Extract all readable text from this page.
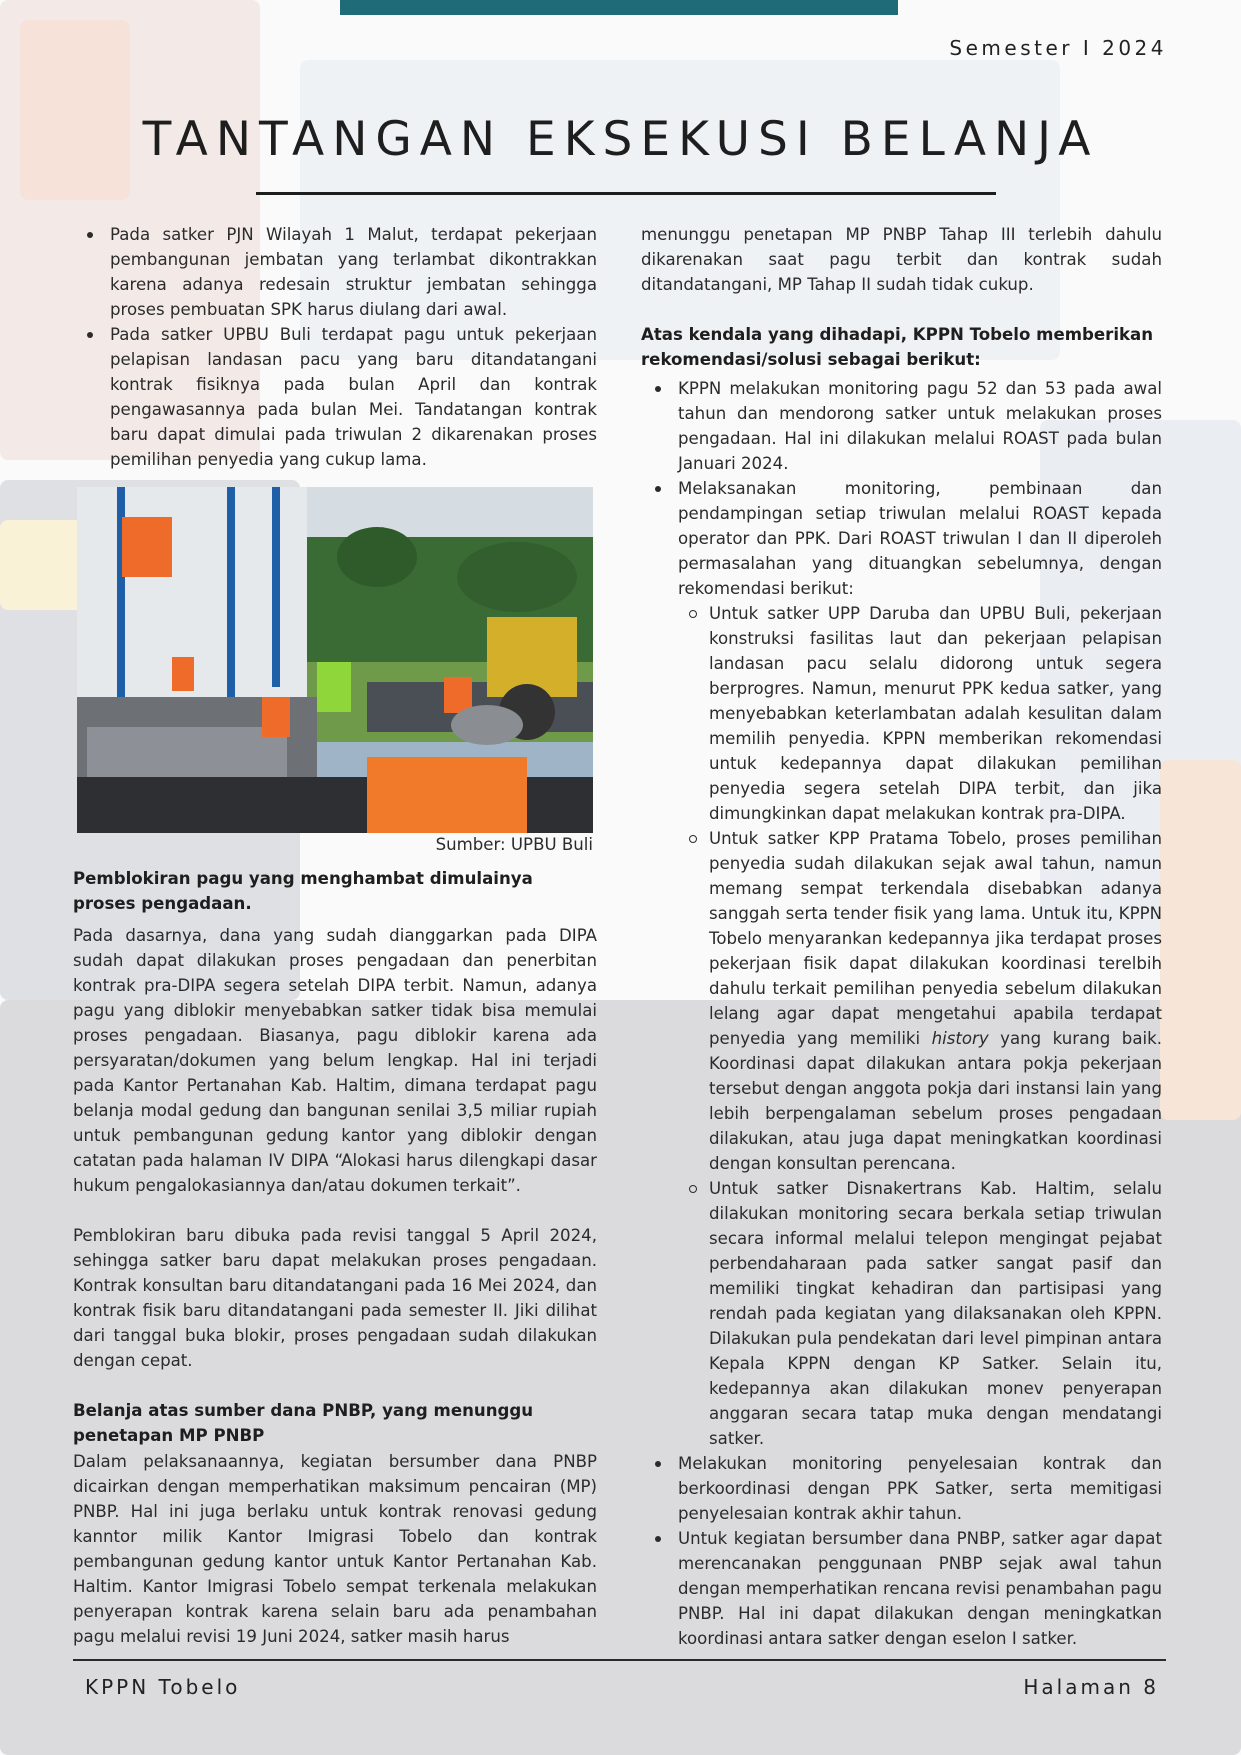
Semester I 2024
TANTANGAN EKSEKUSI BELANJA
Pada satker PJN Wilayah 1 Malut, terdapat pekerjaan pembangunan jembatan yang terlambat dikontrakkan karena adanya redesain struktur jembatan sehingga proses pembuatan SPK harus diulang dari awal.
Pada satker UPBU Buli terdapat pagu untuk pekerjaan pelapisan landasan pacu yang baru ditandatangani kontrak fisiknya pada bulan April dan kontrak pengawasannya pada bulan Mei. Tandatangan kontrak baru dapat dimulai pada triwulan 2 dikarenakan proses pemilihan penyedia yang cukup lama.
Sumber: UPBU Buli

Pemblokiran pagu yang menghambat dimulainya proses pengadaan.

Pada dasarnya, dana yang sudah dianggarkan pada DIPA sudah dapat dilakukan proses pengadaan dan penerbitan kontrak pra-DIPA segera setelah DIPA terbit. Namun, adanya pagu yang diblokir menyebabkan satker tidak bisa memulai proses pengadaan. Biasanya, pagu diblokir karena ada persyaratan/dokumen yang belum lengkap. Hal ini terjadi pada Kantor Pertanahan Kab. Haltim, dimana terdapat pagu belanja modal gedung dan bangunan senilai 3,5 miliar rupiah untuk pembangunan gedung kantor yang diblokir dengan catatan pada halaman IV DIPA “Alokasi harus dilengkapi dasar hukum pengalokasiannya dan/atau dokumen terkait”.

Pemblokiran baru dibuka pada revisi tanggal 5 April 2024, sehingga satker baru dapat melakukan proses pengadaan. Kontrak konsultan baru ditandatangani pada 16 Mei 2024, dan kontrak fisik baru ditandatangani pada semester II. Jiki dilihat dari tanggal buka blokir, proses pengadaan sudah dilakukan dengan cepat.

Belanja atas sumber dana PNBP, yang menunggu penetapan MP PNBP

Dalam pelaksanaannya, kegiatan bersumber dana PNBP dicairkan dengan memperhatikan maksimum pencairan (MP) PNBP. Hal ini juga berlaku untuk kontrak renovasi gedung kanntor milik Kantor Imigrasi Tobelo dan kontrak pembangunan gedung kantor untuk Kantor Pertanahan Kab. Haltim. Kantor Imigrasi Tobelo sempat terkenala melakukan penyerapan kontrak karena selain baru ada penambahan pagu melalui revisi 19 Juni 2024, satker masih harus

menunggu penetapan MP PNBP Tahap III terlebih dahulu dikarenakan saat pagu terbit dan kontrak sudah ditandatangani, MP Tahap II sudah tidak cukup.

Atas kendala yang dihadapi, KPPN Tobelo memberikan rekomendasi/solusi sebagai berikut:

KPPN melakukan monitoring pagu 52 dan 53 pada awal tahun dan mendorong satker untuk melakukan proses pengadaan. Hal ini dilakukan melalui ROAST pada bulan Januari 2024.
Melaksanakan monitoring, pembinaan dan pendampingan setiap triwulan melalui ROAST kepada operator dan PPK. Dari ROAST triwulan I dan II diperoleh permasalahan yang dituangkan sebelumnya, dengan rekomendasi berikut:
Untuk satker UPP Daruba dan UPBU Buli, pekerjaan konstruksi fasilitas laut dan pekerjaan pelapisan landasan pacu selalu didorong untuk segera berprogres. Namun, menurut PPK kedua satker, yang menyebabkan keterlambatan adalah kesulitan dalam memilih penyedia. KPPN memberikan rekomendasi untuk kedepannya dapat dilakukan pemilihan penyedia segera setelah DIPA terbit, dan jika dimungkinkan dapat melakukan kontrak pra-DIPA.
Untuk satker KPP Pratama Tobelo, proses pemilihan penyedia sudah dilakukan sejak awal tahun, namun memang sempat terkendala disebabkan adanya sanggah serta tender fisik yang lama. Untuk itu, KPPN Tobelo menyarankan kedepannya jika terdapat proses pekerjaan fisik dapat dilakukan koordinasi terelbih dahulu terkait pemilihan penyedia sebelum dilakukan lelang agar dapat mengetahui apabila terdapat penyedia yang memiliki history yang kurang baik. Koordinasi dapat dilakukan antara pokja pekerjaan tersebut dengan anggota pokja dari instansi lain yang lebih berpengalaman sebelum proses pengadaan dilakukan, atau juga dapat meningkatkan koordinasi dengan konsultan perencana.
Untuk satker Disnakertrans Kab. Haltim, selalu dilakukan monitoring secara berkala setiap triwulan secara informal melalui telepon mengingat pejabat perbendaharaan pada satker sangat pasif dan memiliki tingkat kehadiran dan partisipasi yang rendah pada kegiatan yang dilaksanakan oleh KPPN. Dilakukan pula pendekatan dari level pimpinan antara Kepala KPPN dengan KP Satker. Selain itu, kedepannya akan dilakukan monev penyerapan anggaran secara tatap muka dengan mendatangi satker.
Melakukan monitoring penyelesaian kontrak dan berkoordinasi dengan PPK Satker, serta memitigasi penyelesaian kontrak akhir tahun.
Untuk kegiatan bersumber dana PNBP, satker agar dapat merencanakan penggunaan PNBP sejak awal tahun dengan memperhatikan rencana revisi penambahan pagu PNBP. Hal ini dapat dilakukan dengan meningkatkan koordinasi antara satker dengan eselon I satker.
KPPN Tobelo	Halaman 8
